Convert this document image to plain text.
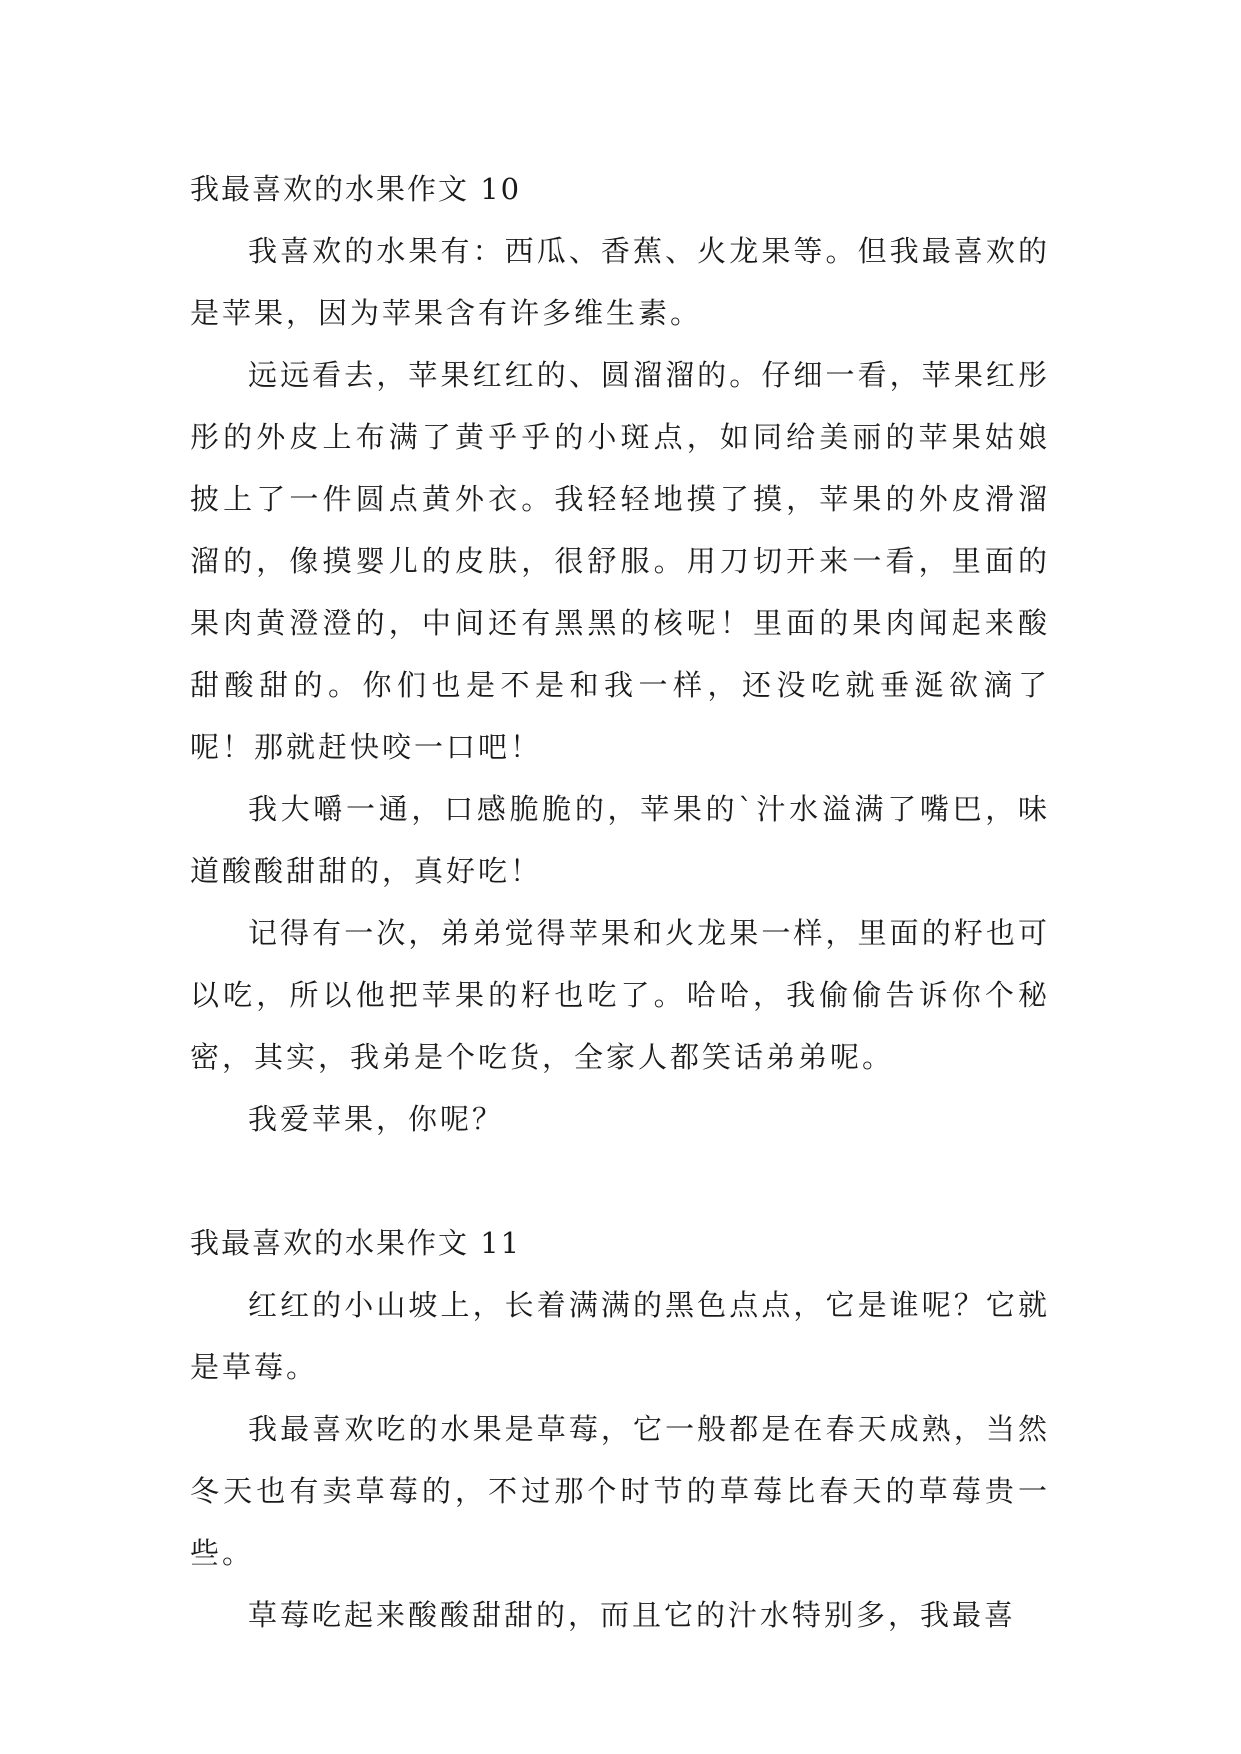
我最喜欢的水果作文 10

我喜欢的水果有：西瓜、香蕉、火龙果等。但我最喜欢的是苹果，因为苹果含有许多维生素。

远远看去，苹果红红的、圆溜溜的。仔细一看，苹果红彤彤的外皮上布满了黄乎乎的小斑点，如同给美丽的苹果姑娘披上了一件圆点黄外衣。我轻轻地摸了摸，苹果的外皮滑溜溜的，像摸婴儿的皮肤，很舒服。用刀切开来一看，里面的果肉黄澄澄的，中间还有黑黑的核呢！里面的果肉闻起来酸甜酸甜的。你们也是不是和我一样，还没吃就垂涎欲滴了呢！那就赶快咬一口吧！

我大嚼一通，口感脆脆的，苹果的`汁水溢满了嘴巴，味道酸酸甜甜的，真好吃！

记得有一次，弟弟觉得苹果和火龙果一样，里面的籽也可以吃，所以他把苹果的籽也吃了。哈哈，我偷偷告诉你个秘密，其实，我弟是个吃货，全家人都笑话弟弟呢。

我爱苹果，你呢？

我最喜欢的水果作文 11

红红的小山坡上，长着满满的黑色点点，它是谁呢？它就是草莓。

我最喜欢吃的水果是草莓，它一般都是在春天成熟，当然冬天也有卖草莓的，不过那个时节的草莓比春天的草莓贵一些。

草莓吃起来酸酸甜甜的，而且它的汁水特别多，我最喜
